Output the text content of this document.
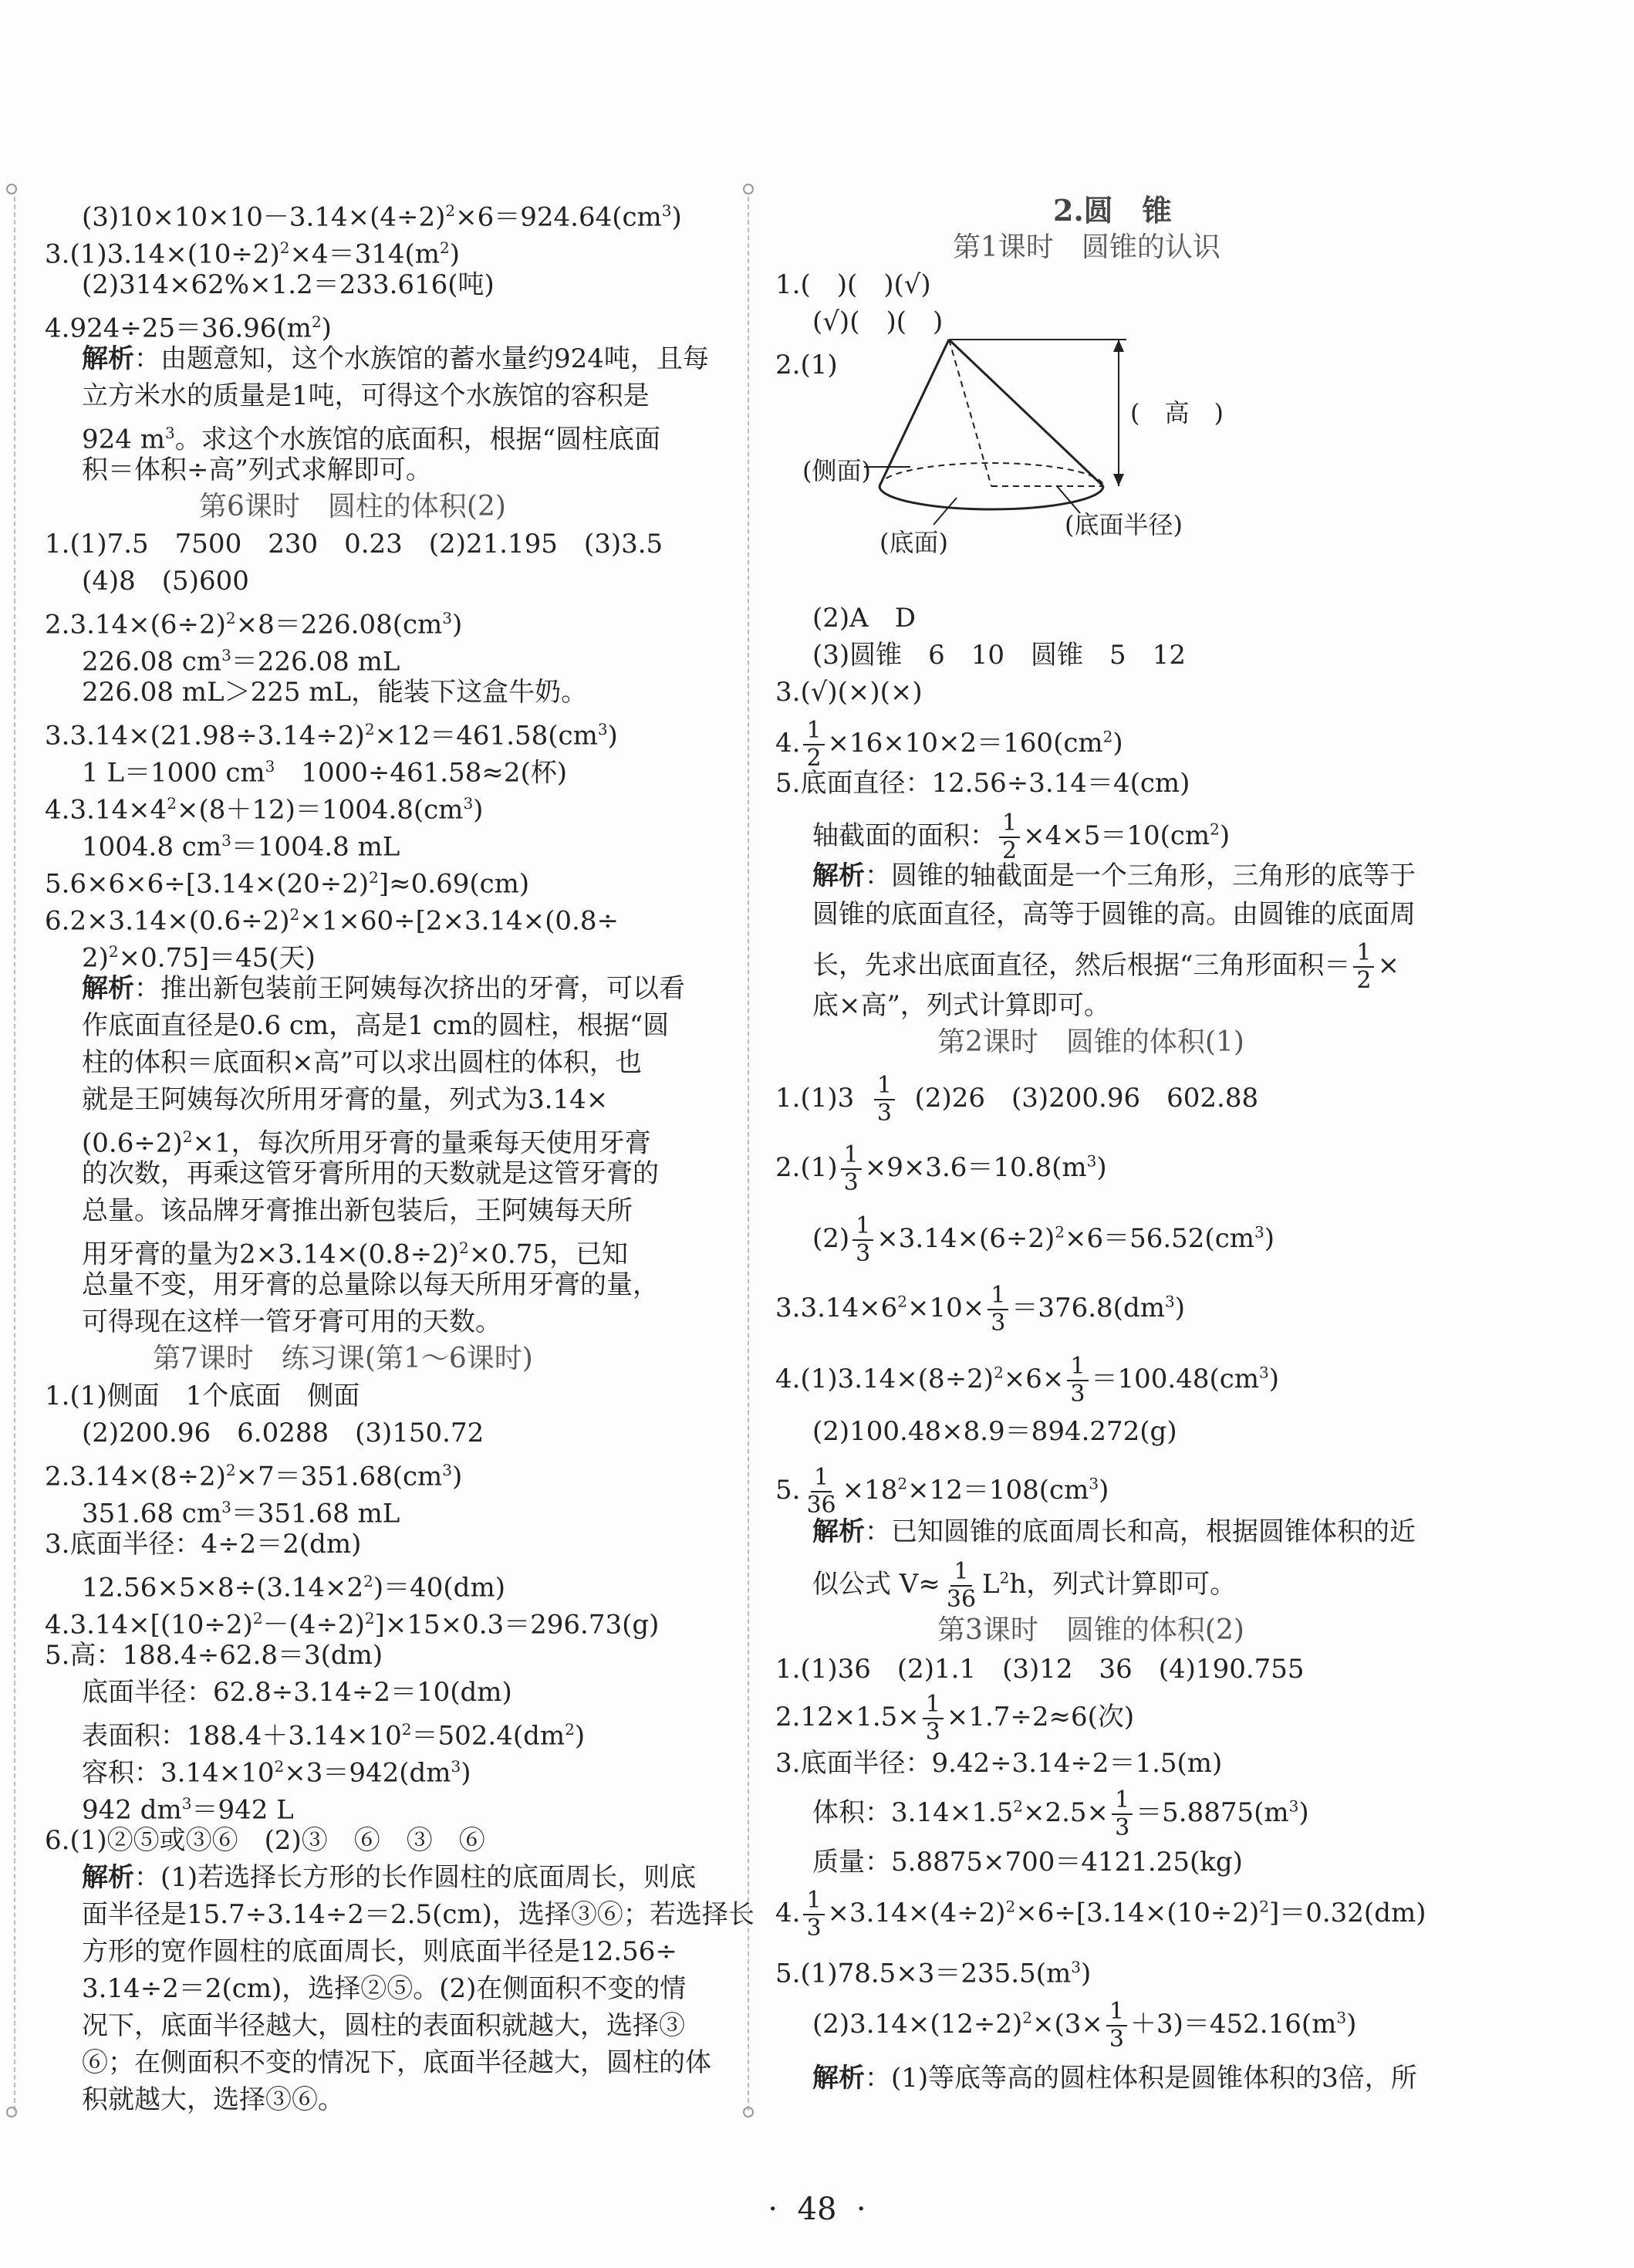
$(3)10\times 10\times 10-3.14\times(4\div 2)^2\times 6=924.64(cm^3)$
$3.(1)3.14\times(10\div 2)^2\times 4=314(m^2)$
(2)314×62%×1.2＝233.616(吨)
$4.924\div 25=36.96(m^2)$
解析：由题意知，这个水族馆的蓄水量约924吨，且每
立方米水的质量是1吨，可得这个水族馆的容积是
924 $m^3$。求这个水族馆的底面积，根据“圆柱底面
积＝体积÷高”列式求解即可。
第6课时　圆柱的体积(2)
1.(1)7.5　7500　230　0.23　(2)21.195　(3)3.5
(4)8　(5)600
$2.3.14\times(6\div 2)^2\times 8=226.08(cm^3)$
226.08 $cm^3=226.08$ mL
226.08 mL＞225 mL，能装下这盒牛奶。
$3.3.14\times(21.98\div 3.14\div 2)^2\times 12=461.58(cm^3)$
1 L＝1000 $cm^3$　1000÷461.58≈2(杯)
$4.3.14\times 4^2\times(8+12)=1004.8(cm^3)$
1004.8 $cm^3=1004.8$ mL
$5.6\times 6\times 6\div[3.14\times(20\div 2)^2]\approx 0.69(cm)$
$6.2\times 3.14\times(0.6\div 2)^2\times 1\times 60\div[2\times 3.14\times(0.8\div$
2)$^2$×0.75]＝45(天)
解析：推出新包装前王阿姨每次挤出的牙膏，可以看
作底面直径是0.6 cm，高是1 cm的圆柱，根据“圆
柱的体积＝底面积×高”可以求出圆柱的体积，也
就是王阿姨每次所用牙膏的量，列式为3.14×
$(0.6\div 2)^2\times 1$，每次所用牙膏的量乘每天使用牙膏
的次数，再乘这管牙膏所用的天数就是这管牙膏的
总量。该品牌牙膏推出新包装后，王阿姨每天所
用牙膏的量为$2\times 3.14\times(0.8\div 2)^2\times 0.75$，已知
总量不变，用牙膏的总量除以每天所用牙膏的量，
可得现在这样一管牙膏可用的天数。
第7课时　练习课(第1～6课时)
1.(1)侧面　1个底面　侧面
(2)200.96　6.0288　(3)150.72
$2.3.14\times(8\div 2)^2\times 7=351.68(cm^3)$
351.68 $cm^3=351.68$ mL
3.底面半径：4÷2＝2(dm)
$12.56\times 5\times 8\div(3.14\times 2^2)=40(dm)$
$4.3.14\times[(10\div 2)^2-(4\div 2)^2]\times 15\times 0.3=296.73(g)$
5.高：188.4÷62.8＝3(dm)
底面半径：62.8÷3.14÷2＝10(dm)
表面积：$188.4+3.14\times 10^2=502.4(dm^2)$
容积：$3.14\times 10^2\times 3=942(dm^3)$
942 $dm^3=942$ L
6.(1)②⑤或③⑥　(2)③　⑥　③　⑥
解析：(1)若选择长方形的长作圆柱的底面周长，则底
面半径是15.7÷3.14÷2＝2.5(cm)，选择③⑥；若选择长
方形的宽作圆柱的底面周长，则底面半径是12.56÷
3.14÷2＝2(cm)，选择②⑤。(2)在侧面积不变的情
况下，底面半径越大，圆柱的表面积就越大，选择③
⑥；在侧面积不变的情况下，底面半径越大，圆柱的体
积就越大，选择③⑥。
2.圆　锥
第1课时　圆锥的认识
1.(　)(　)(√)
(√)(　)(　)
2.(1)
(2)A　D
(3)圆锥　6　10　圆锥　5　12
3.(√)(×)(×)
4. $\frac{1}{2} \times 16\times 10\times 2=160(cm^2)$
5.底面直径：12.56÷3.14＝4(cm)
轴截面的面积： $\frac{1}{2} \times 4\times 5=10(cm^2)$
解析：圆锥的轴截面是一个三角形，三角形的底等于
圆锥的底面直径，高等于圆锥的高。由圆锥的底面周
长，先求出底面直径，然后根据“三角形面积＝ $\frac{1}{2}$ ×
底×高”，列式计算即可。
第2课时　圆锥的体积(1)
$1.(1)3 \frac{1}{3} (2)26$　(3)200.96　602.88
$2.(1) \frac{1}{3} \times 9\times 3.6=10.8(m^3)$
$(2) \frac{1}{3} \times 3.14\times(6\div 2)^2\times 6=56.52(cm^3)$
$3.3.14\times 6^2\times 10\times \frac{1}{3} =376.8(dm^3)$
$4.(1)3.14\times(8\div 2)^2\times 6\times \frac{1}{3} =100.48(cm^3)$
(2)100.48×8.9＝894.272(g)
5. $\frac{1}{36} \times 18^2\times 12=108(cm^3)$
解析：已知圆锥的底面周长和高，根据圆锥体积的近
似公式 $V\approx \frac{1}{36} L^2h$，列式计算即可。
第3课时　圆锥的体积(2)
1.(1)36　(2)1.1　(3)12　36　(4)190.755
$2.12\times 1.5\times \frac{1}{3} \times 1.7\div 2\approx 6$(次)
3.底面半径：9.42÷3.14÷2＝1.5(m)
体积：$3.14\times 1.5^2\times 2.5\times \frac{1}{3} =5.8875(m^3)$
质量：5.8875×700＝4121.25(kg)
4. $\frac{1}{3} \times 3.14\times(4\div 2)^2\times 6\div[3.14\times(10\div 2)^2]=0.32(dm)$
$5.(1)78.5\times 3=235.5(m^3)$
$(2)3.14\times(12\div 2)^2\times(3\times \frac{1}{3} +3)=452.16(m^3)$
解析：(1)等底等高的圆柱体积是圆锥体积的3倍，所
(　高　)
(侧面)
(底面)
(底面半径)
· 48 ·
